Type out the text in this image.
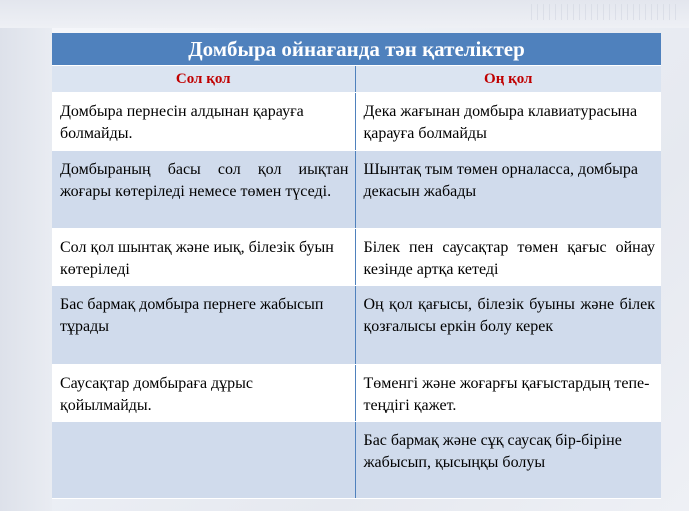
Домбыра ойнағанда тән қателіктер	
Сол қол	Оң қол
Домбыра пернесін алдынан қарауға болмайды.	Дека жағынан домбыра клавиатурасына қарауға болмайды
Домбыраның басы сол қол иықтан жоғары көтеріледі немесе төмен түседі.	Шынтақ тым төмен орналасса, домбыра декасын жабады
Сол қол шынтақ және иық, білезік буын көтеріледі	Білек пен саусақтар төмен қағыс ойнау кезінде артқа кетеді
Бас бармақ домбыра пернеге жабысып тұрады	Оң қол қағысы, білезік буыны және білек қозғалысы еркін болу керек
Саусақтар домбыраға дұрыс қойылмайды.	Төменгі және жоғарғы қағыстардың тепе-теңдігі қажет.
	Бас бармақ және сұқ саусақ бір-біріне жабысып, қысыңқы болуы
